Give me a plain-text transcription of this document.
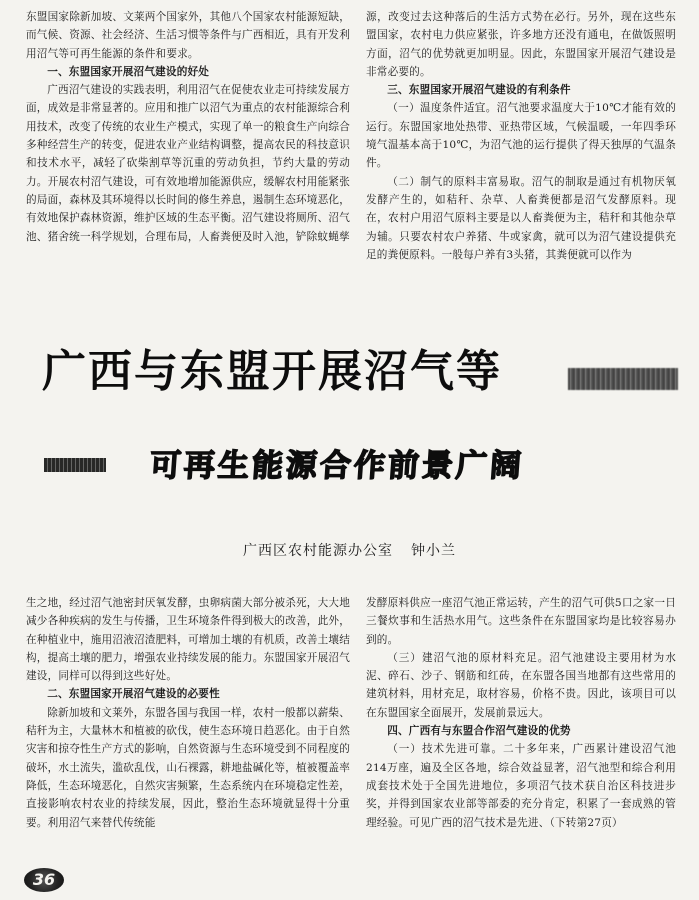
东盟国家除新加坡、文莱两个国家外，其他八个国家农村能源短缺，而气候、资源、社会经济、生活习惯等条件与广西相近，具有开发利用沼气等可再生能源的条件和要求。

一、东盟国家开展沼气建设的好处

广西沼气建设的实践表明，利用沼气在促使农业走可持续发展方面，成效是非常显著的。应用和推广以沼气为重点的农村能源综合利用技术，改变了传统的农业生产模式，实现了单一的粮食生产向综合多种经营生产的转变，促进农业产业结构调整，提高农民的科技意识和技术水平，减轻了砍柴割草等沉重的劳动负担，节约大量的劳动力。开展农村沼气建设，可有效地增加能源供应，缓解农村用能紧张的局面，森林及其环境得以长时间的修生养息，遏制生态环境恶化，有效地保护森林资源，维护区域的生态平衡。沼气建设将厕所、沼气池、猪舍统一科学规划，合理布局，人畜粪便及时入池，铲除蚊蝇孳

源，改变过去这种落后的生活方式势在必行。另外，现在这些东盟国家，农村电力供应紧张，许多地方还没有通电，在做饭照明方面，沼气的优势就更加明显。因此，东盟国家开展沼气建设是非常必要的。

三、东盟国家开展沼气建设的有利条件

（一）温度条件适宜。沼气池要求温度大于10℃才能有效的运行。东盟国家地处热带、亚热带区域，气候温暖，一年四季环境气温基本高于10℃，为沼气池的运行提供了得天独厚的气温条件。

（二）制气的原料丰富易取。沼气的制取是通过有机物厌氧发酵产生的，如秸秆、杂草、人畜粪便都是沼气发酵原料。现在，农村户用沼气原料主要是以人畜粪便为主，秸秆和其他杂草为辅。只要农村农户养猪、牛或家禽，就可以为沼气建设提供充足的粪便原料。一般每户养有3头猪，其粪便就可以作为

广西与东盟开展沼气等
可再生能源合作前景广阔
广西区农村能源办公室 钟小兰

生之地，经过沼气池密封厌氧发酵，虫卵病菌大部分被杀死，大大地减少各种疾病的发生与传播，卫生环境条件得到极大的改善，此外，在种植业中，施用沼液沼渣肥料，可增加土壤的有机质，改善土壤结构，提高土壤的肥力，增强农业持续发展的能力。东盟国家开展沼气建设，同样可以得到这些好处。

二、东盟国家开展沼气建设的必要性

除新加坡和文莱外，东盟各国与我国一样，农村一般都以薪柴、秸秆为主，大量林木和植被的砍伐，使生态环境日趋恶化。由于自然灾害和掠夺性生产方式的影响，自然资源与生态环境受到不同程度的破坏，水土流失，滥砍乱伐，山石裸露，耕地盐碱化等，植被覆盖率降低，生态环境恶化，自然灾害频繁，生态系统内在环境稳定性差，直接影响农村农业的持续发展，因此，整治生态环境就显得十分重要。利用沼气来替代传统能

发酵原料供应一座沼气池正常运转，产生的沼气可供5口之家一日三餐炊事和生活热水用气。这些条件在东盟国家均是比较容易办到的。

（三）建沼气池的原材料充足。沼气池建设主要用材为水泥、碎石、沙子、钢筋和红砖，在东盟各国当地都有这些常用的建筑材料，用材充足，取材容易，价格不贵。因此，该项目可以在东盟国家全面展开，发展前景远大。

四、广西有与东盟合作沼气建设的优势

（一）技术先进可靠。二十多年来，广西累计建设沼气池214万座，遍及全区各地，综合效益显著，沼气池型和综合利用成套技术处于全国先进地位，多项沼气技术获自治区科技进步奖，并得到国家农业部等部委的充分肯定，积累了一套成熟的管理经验。可见广西的沼气技术是先进、（下转第27页）

36
